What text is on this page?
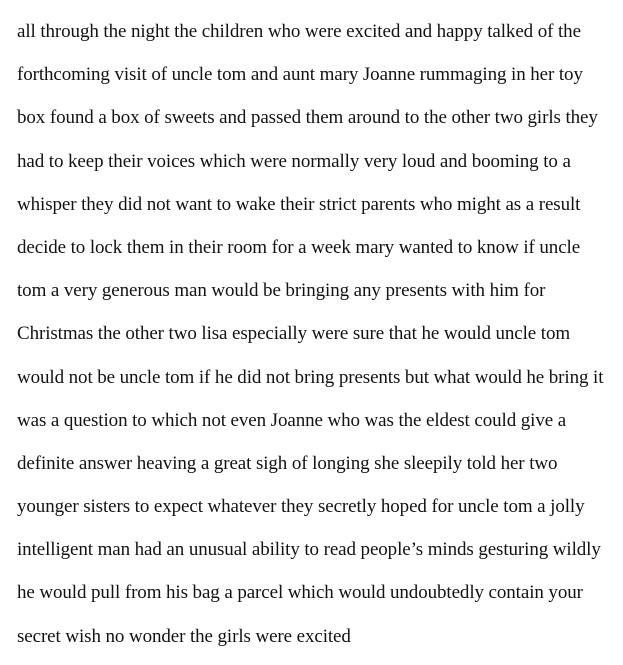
all through the night the children who were excited and happy talked of the
forthcoming visit of uncle tom and aunt mary Joanne rummaging in her toy
box found a box of sweets and passed them around to the other two girls they
had to keep their voices which were normally very loud and booming to a
whisper they did not want to wake their strict parents who might as a result
decide to lock them in their room for a week mary wanted to know if uncle
tom a very generous man would be bringing any presents with him for
Christmas the other two lisa especially were sure that he would uncle tom
would not be uncle tom if he did not bring presents but what would he bring it
was a question to which not even Joanne who was the eldest could give a
definite answer heaving a great sigh of longing she sleepily told her two
younger sisters to expect whatever they secretly hoped for uncle tom a jolly
intelligent man had an unusual ability to read people’s minds gesturing wildly
he would pull from his bag a parcel which would undoubtedly contain your
secret wish no wonder the girls were excited
